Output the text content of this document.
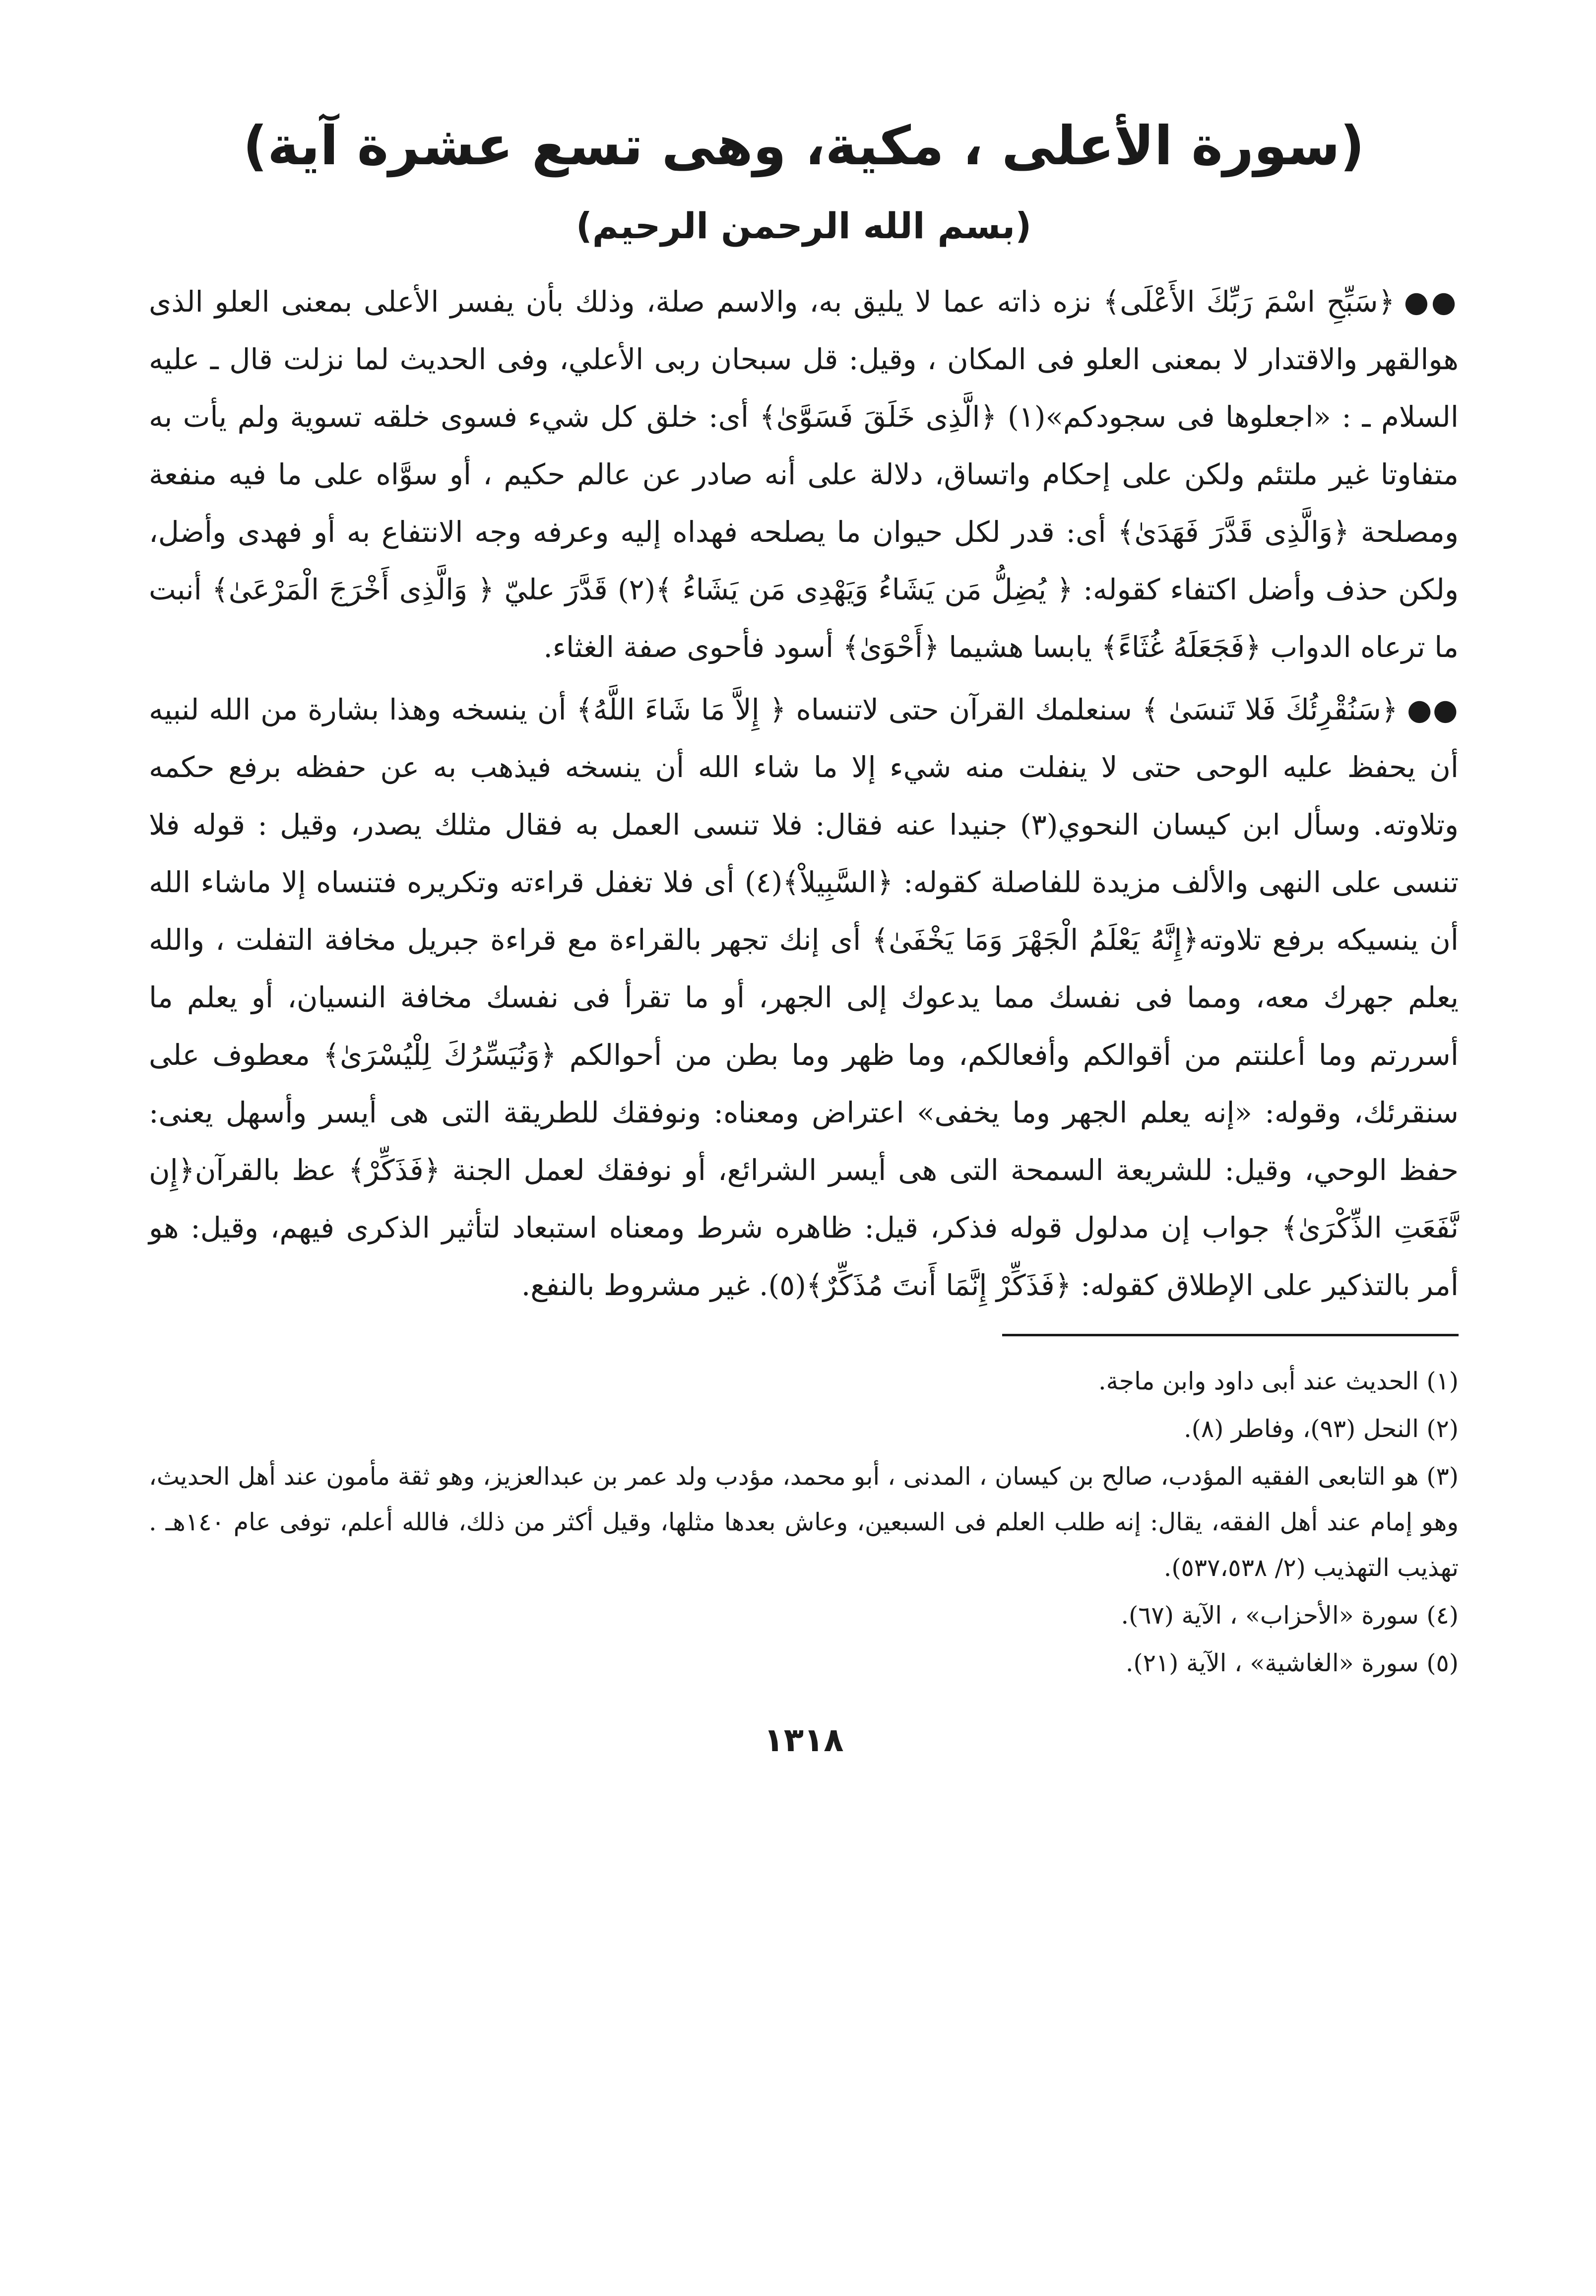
(سورة الأعلى ، مكية، وهى تسع عشرة آية)
(بسم الله الرحمن الرحيم)

●●﴿سَبِّحِ اسْمَ رَبِّكَ الأَعْلَى﴾ نزه ذاته عما لا يليق به، والاسم صلة، وذلك بأن يفسر الأعلى بمعنى العلو الذى هوالقهر والاقتدار لا بمعنى العلو فى المكان ، وقيل: قل سبحان ربى الأعلي، وفى الحديث لما نزلت قال ـ عليه السلام ـ : «اجعلوها فى سجودكم»(١) ﴿الَّذِى خَلَقَ فَسَوَّىٰ﴾ أى: خلق كل شيء فسوى خلقه تسوية ولم يأت به متفاوتا غير ملتئم ولكن على إحكام واتساق، دلالة على أنه صادر عن عالم حكيم ، أو سوَّاه على ما فيه منفعة ومصلحة ﴿وَالَّذِى قَدَّرَ فَهَدَىٰ﴾ أى: قدر لكل حيوان ما يصلحه فهداه إليه وعرفه وجه الانتفاع به أو فهدى وأضل، ولكن حذف وأضل اكتفاء كقوله: ﴿ يُضِلُّ مَن يَشَاءُ وَيَهْدِى مَن يَشَاءُ ﴾(٢) قَدَّرَ عليّ ﴿ وَالَّذِى أَخْرَجَ الْمَرْعَىٰ﴾ أنبت ما ترعاه الدواب ﴿فَجَعَلَهُ غُثَاءً﴾ يابسا هشيما ﴿أَحْوَىٰ﴾ أسود فأحوى صفة الغثاء.

●●﴿سَنُقْرِئُكَ فَلا تَنسَىٰ ﴾ سنعلمك القرآن حتى لاتنساه ﴿ إِلاَّ مَا شَاءَ اللَّهُ﴾ أن ينسخه وهذا بشارة من الله لنبيه أن يحفظ عليه الوحى حتى لا ينفلت منه شيء إلا ما شاء الله أن ينسخه فيذهب به عن حفظه برفع حكمه وتلاوته. وسأل ابن كيسان النحوي(٣) جنيدا عنه فقال: فلا تنسى العمل به فقال مثلك يصدر، وقيل : قوله فلا تنسى على النهى والألف مزيدة للفاصلة كقوله: ﴿السَّبِيلاْ﴾(٤) أى فلا تغفل قراءته وتكريره فتنساه إلا ماشاء الله أن ينسيكه برفع تلاوته﴿إِنَّهُ يَعْلَمُ الْجَهْرَ وَمَا يَخْفَىٰ﴾ أى إنك تجهر بالقراءة مع قراءة جبريل مخافة التفلت ، والله يعلم جهرك معه، ومما فى نفسك مما يدعوك إلى الجهر، أو ما تقرأ فى نفسك مخافة النسيان، أو يعلم ما أسررتم وما أعلنتم من أقوالكم وأفعالكم، وما ظهر وما بطن من أحوالكم ﴿وَنُيَسِّرُكَ لِلْيُسْرَىٰ﴾ معطوف على سنقرئك، وقوله: «إنه يعلم الجهر وما يخفى» اعتراض ومعناه: ونوفقك للطريقة التى هى أيسر وأسهل يعنى: حفظ الوحي، وقيل: للشريعة السمحة التى هى أيسر الشرائع، أو نوفقك لعمل الجنة ﴿فَذَكِّرْ﴾ عظ بالقرآن﴿إِن نَّفَعَتِ الذِّكْرَىٰ﴾ جواب إن مدلول قوله فذكر، قيل: ظاهره شرط ومعناه استبعاد لتأثير الذكرى فيهم، وقيل: هو أمر بالتذكير على الإطلاق كقوله: ﴿فَذَكِّرْ إِنَّمَا أَنتَ مُذَكِّرٌ﴾(٥). غير مشروط بالنفع.

(١) الحديث عند أبى داود وابن ماجة.

(٢) النحل (٩٣)، وفاطر (٨).

(٣) هو التابعى الفقيه المؤدب، صالح بن كيسان ، المدنى ، أبو محمد، مؤدب ولد عمر بن عبدالعزيز، وهو ثقة مأمون عند أهل الحديث، وهو إمام عند أهل الفقه، يقال: إنه طلب العلم فى السبعين، وعاش بعدها مثلها، وقيل أكثر من ذلك، فالله أعلم، توفى عام ١٤٠هـ . تهذيب التهذيب (٢/ ٥٣٧،٥٣٨).

(٤) سورة «الأحزاب» ، الآية (٦٧).

(٥) سورة «الغاشية» ، الآية (٢١).

١٣١٨
